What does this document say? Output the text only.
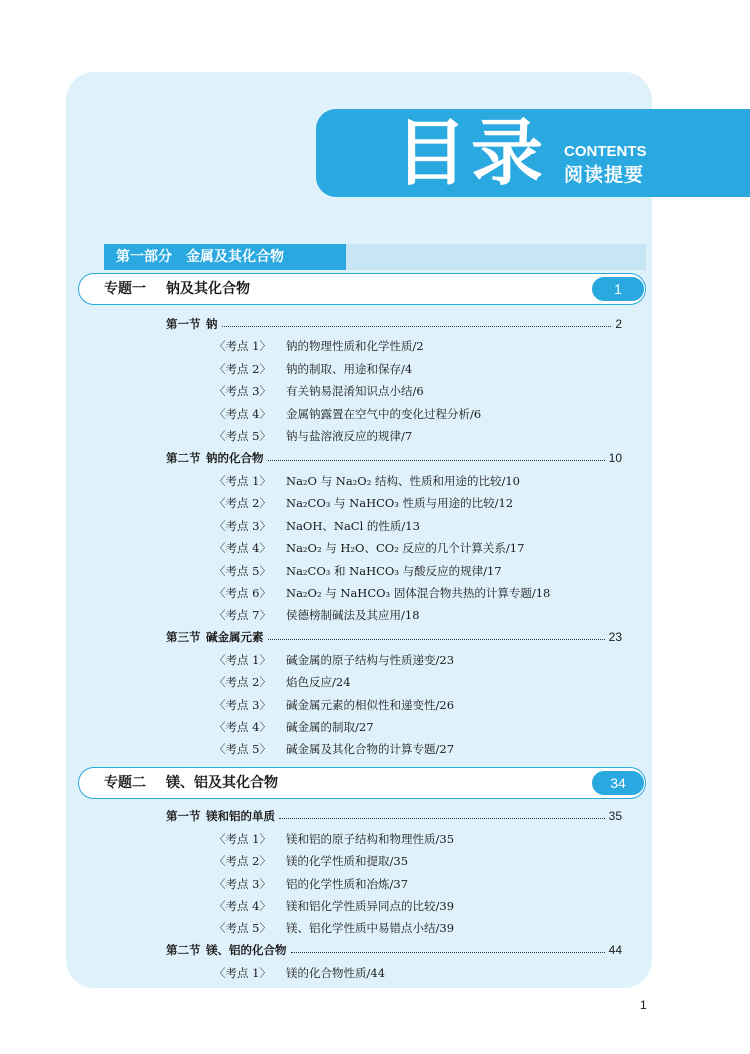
目录 CONTENTS
阅读提要
第一部分　金属及其化合物
专题一 钠及其化合物	1
第一节 钠	2
〈考点 1〉 钠的物理性质和化学性质/2
〈考点 2〉 钠的制取、用途和保存/4
〈考点 3〉 有关钠易混淆知识点小结/6
〈考点 4〉 金属钠露置在空气中的变化过程分析/6
〈考点 5〉 钠与盐溶液反应的规律/7
第二节 钠的化合物	10
〈考点 1〉 Na₂O 与 Na₂O₂ 结构、性质和用途的比较/10
〈考点 2〉 Na₂CO₃ 与 NaHCO₃ 性质与用途的比较/12
〈考点 3〉 NaOH、NaCl 的性质/13
〈考点 4〉 Na₂O₂ 与 H₂O、CO₂ 反应的几个计算关系/17
〈考点 5〉 Na₂CO₃ 和 NaHCO₃ 与酸反应的规律/17
〈考点 6〉 Na₂O₂ 与 NaHCO₃ 固体混合物共热的计算专题/18
〈考点 7〉 侯德榜制碱法及其应用/18
第三节 碱金属元素	23
〈考点 1〉 碱金属的原子结构与性质递变/23
〈考点 2〉 焰色反应/24
〈考点 3〉 碱金属元素的相似性和递变性/26
〈考点 4〉 碱金属的制取/27
〈考点 5〉 碱金属及其化合物的计算专题/27
专题二 镁、铝及其化合物	34
第一节 镁和铝的单质	35
〈考点 1〉 镁和铝的原子结构和物理性质/35
〈考点 2〉 镁的化学性质和提取/35
〈考点 3〉 铝的化学性质和冶炼/37
〈考点 4〉 镁和铝化学性质异同点的比较/39
〈考点 5〉 镁、铝化学性质中易错点小结/39
第二节 镁、铝的化合物	44
〈考点 1〉 镁的化合物性质/44
1
